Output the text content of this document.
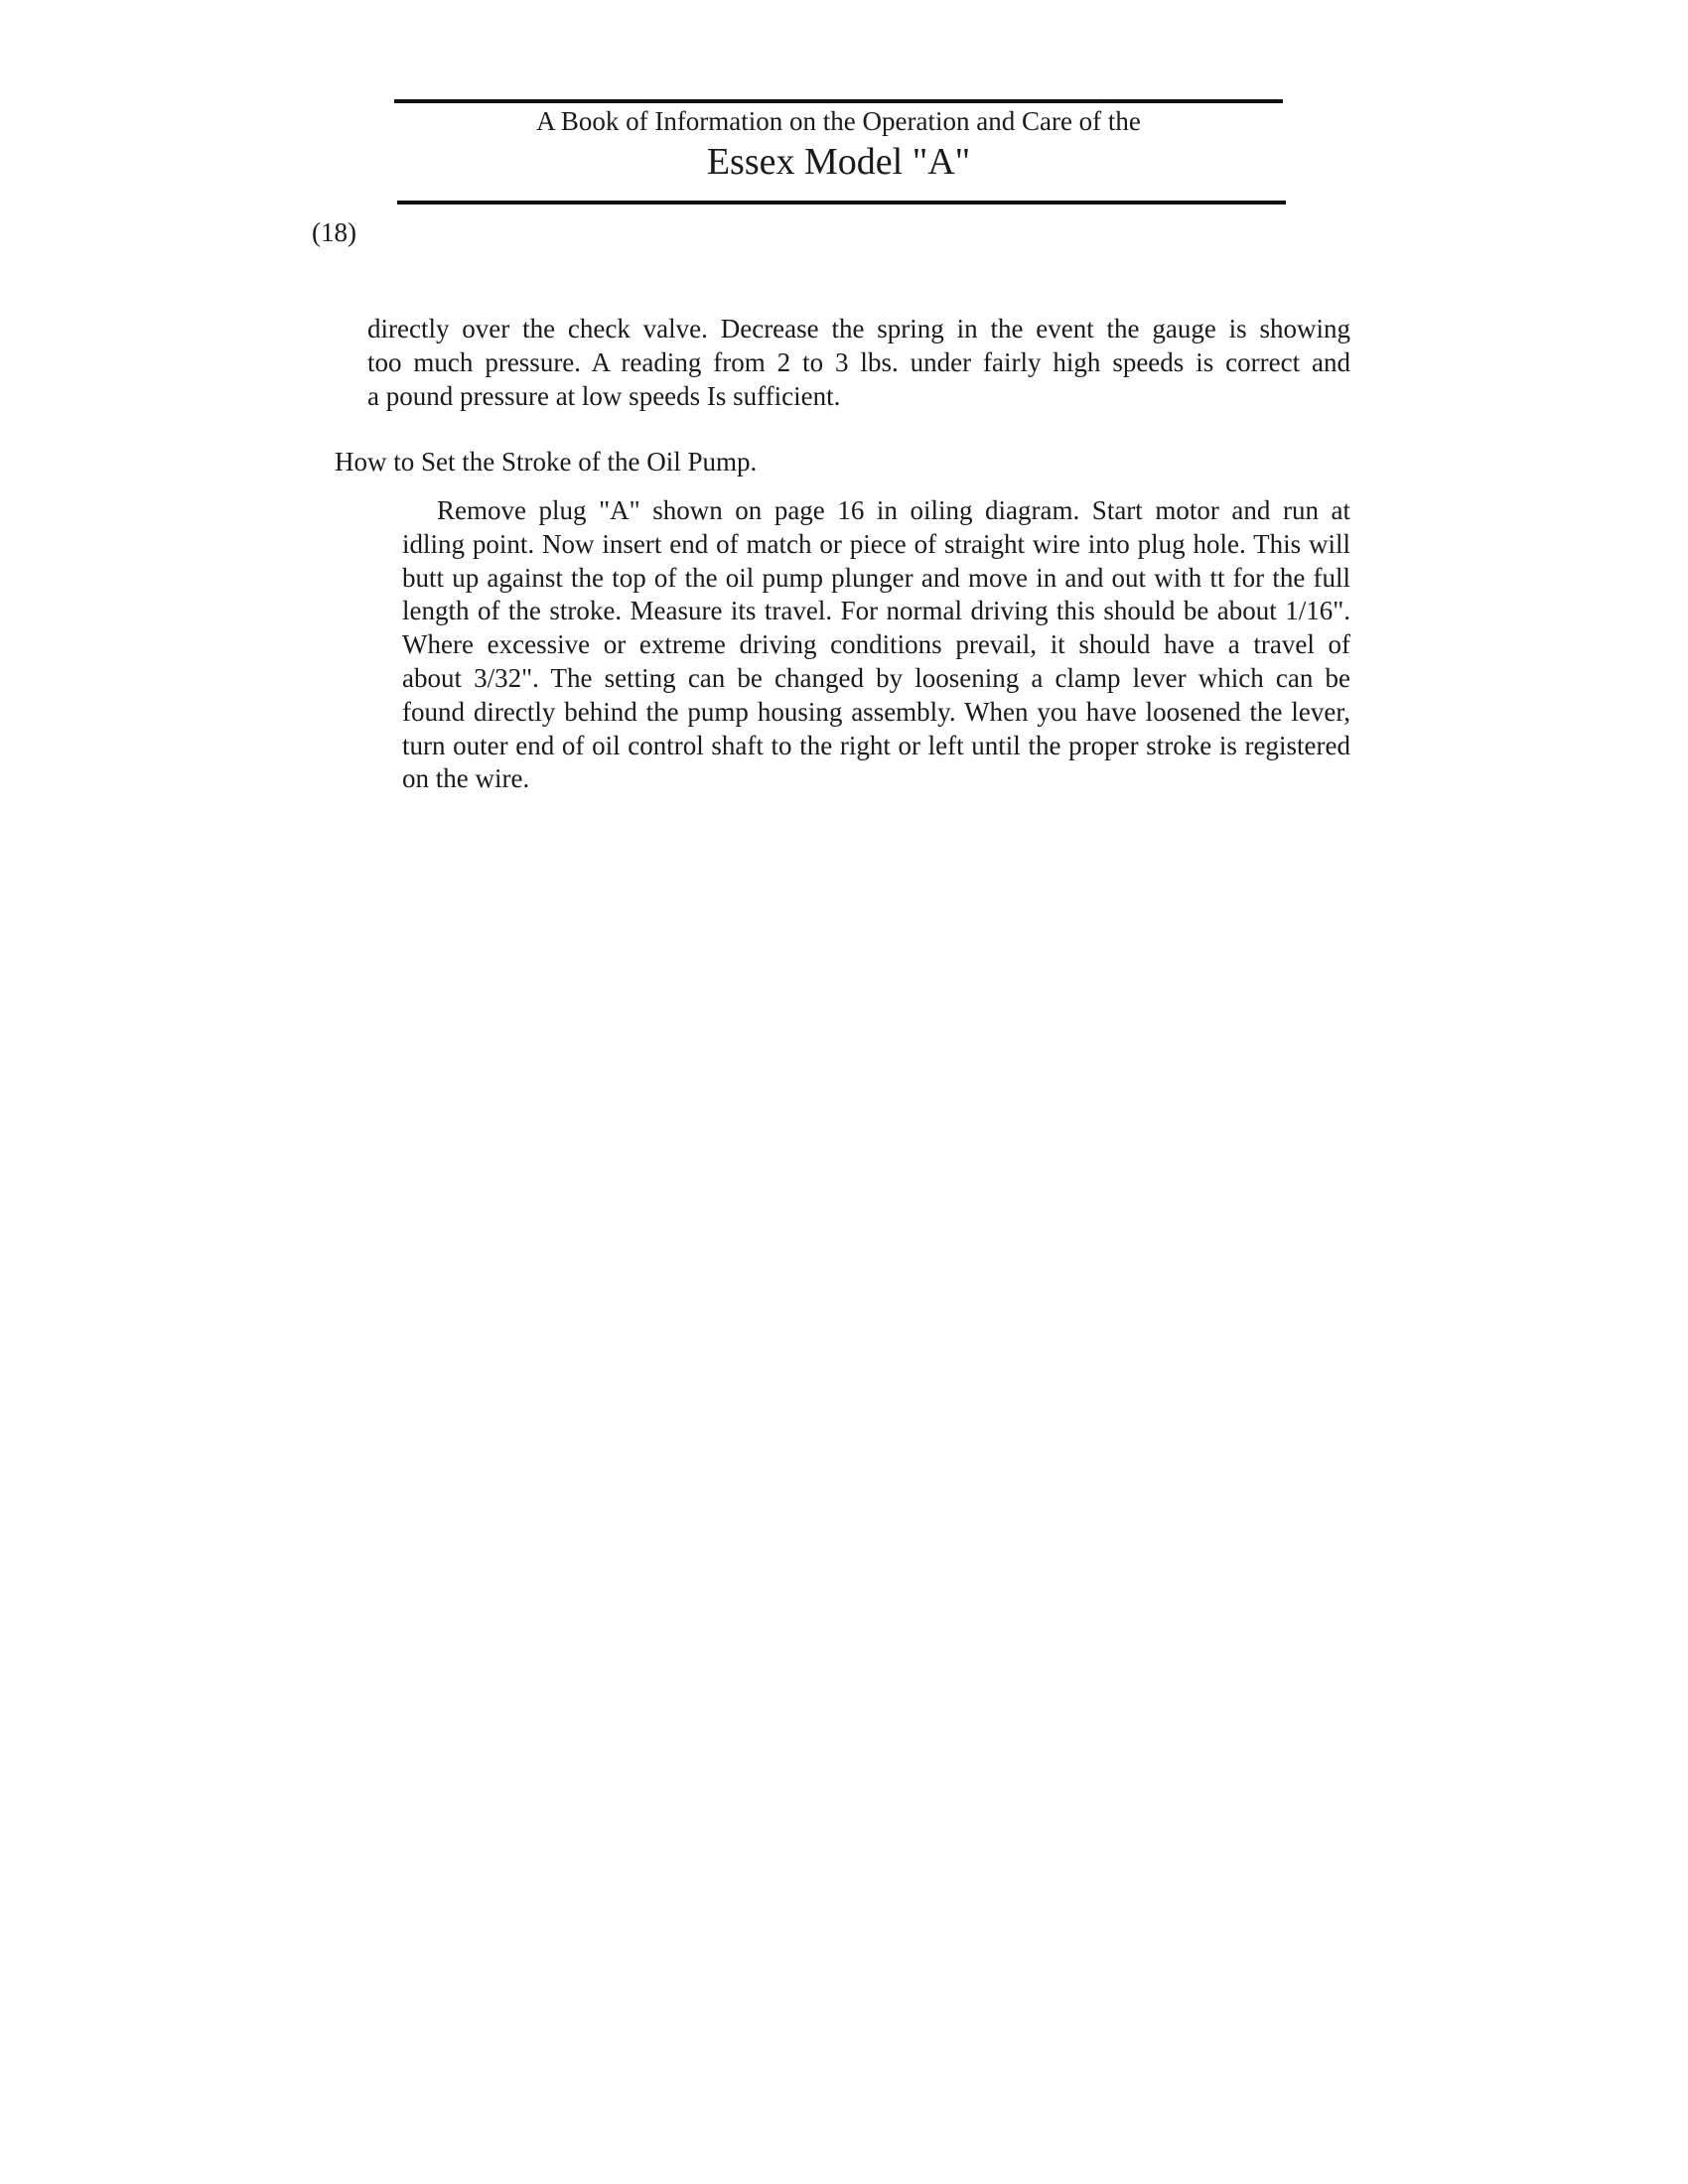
A Book of Information on the Operation and Care of the
Essex Model "A"
(18)
directly over the check valve. Decrease the spring in the event the gauge is showing
too much pressure. A reading from 2 to 3 lbs. under fairly high speeds is correct and
a pound pressure at low speeds Is sufficient.
How to Set the Stroke of the Oil Pump.
Remove plug "A" shown on page 16 in oiling diagram. Start motor and run at
idling point. Now insert end of match or piece of straight wire into plug hole. This will
butt up against the top of the oil pump plunger and move in and out with tt for the full
length of the stroke. Measure its travel. For normal driving this should be about 1/16".
Where excessive or extreme driving conditions prevail, it should have a travel of
about 3/32". The setting can be changed by loosening a clamp lever which can be
found directly behind the pump housing assembly. When you have loosened the lever,
turn outer end of oil control shaft to the right or left until the proper stroke is registered
on the wire.
